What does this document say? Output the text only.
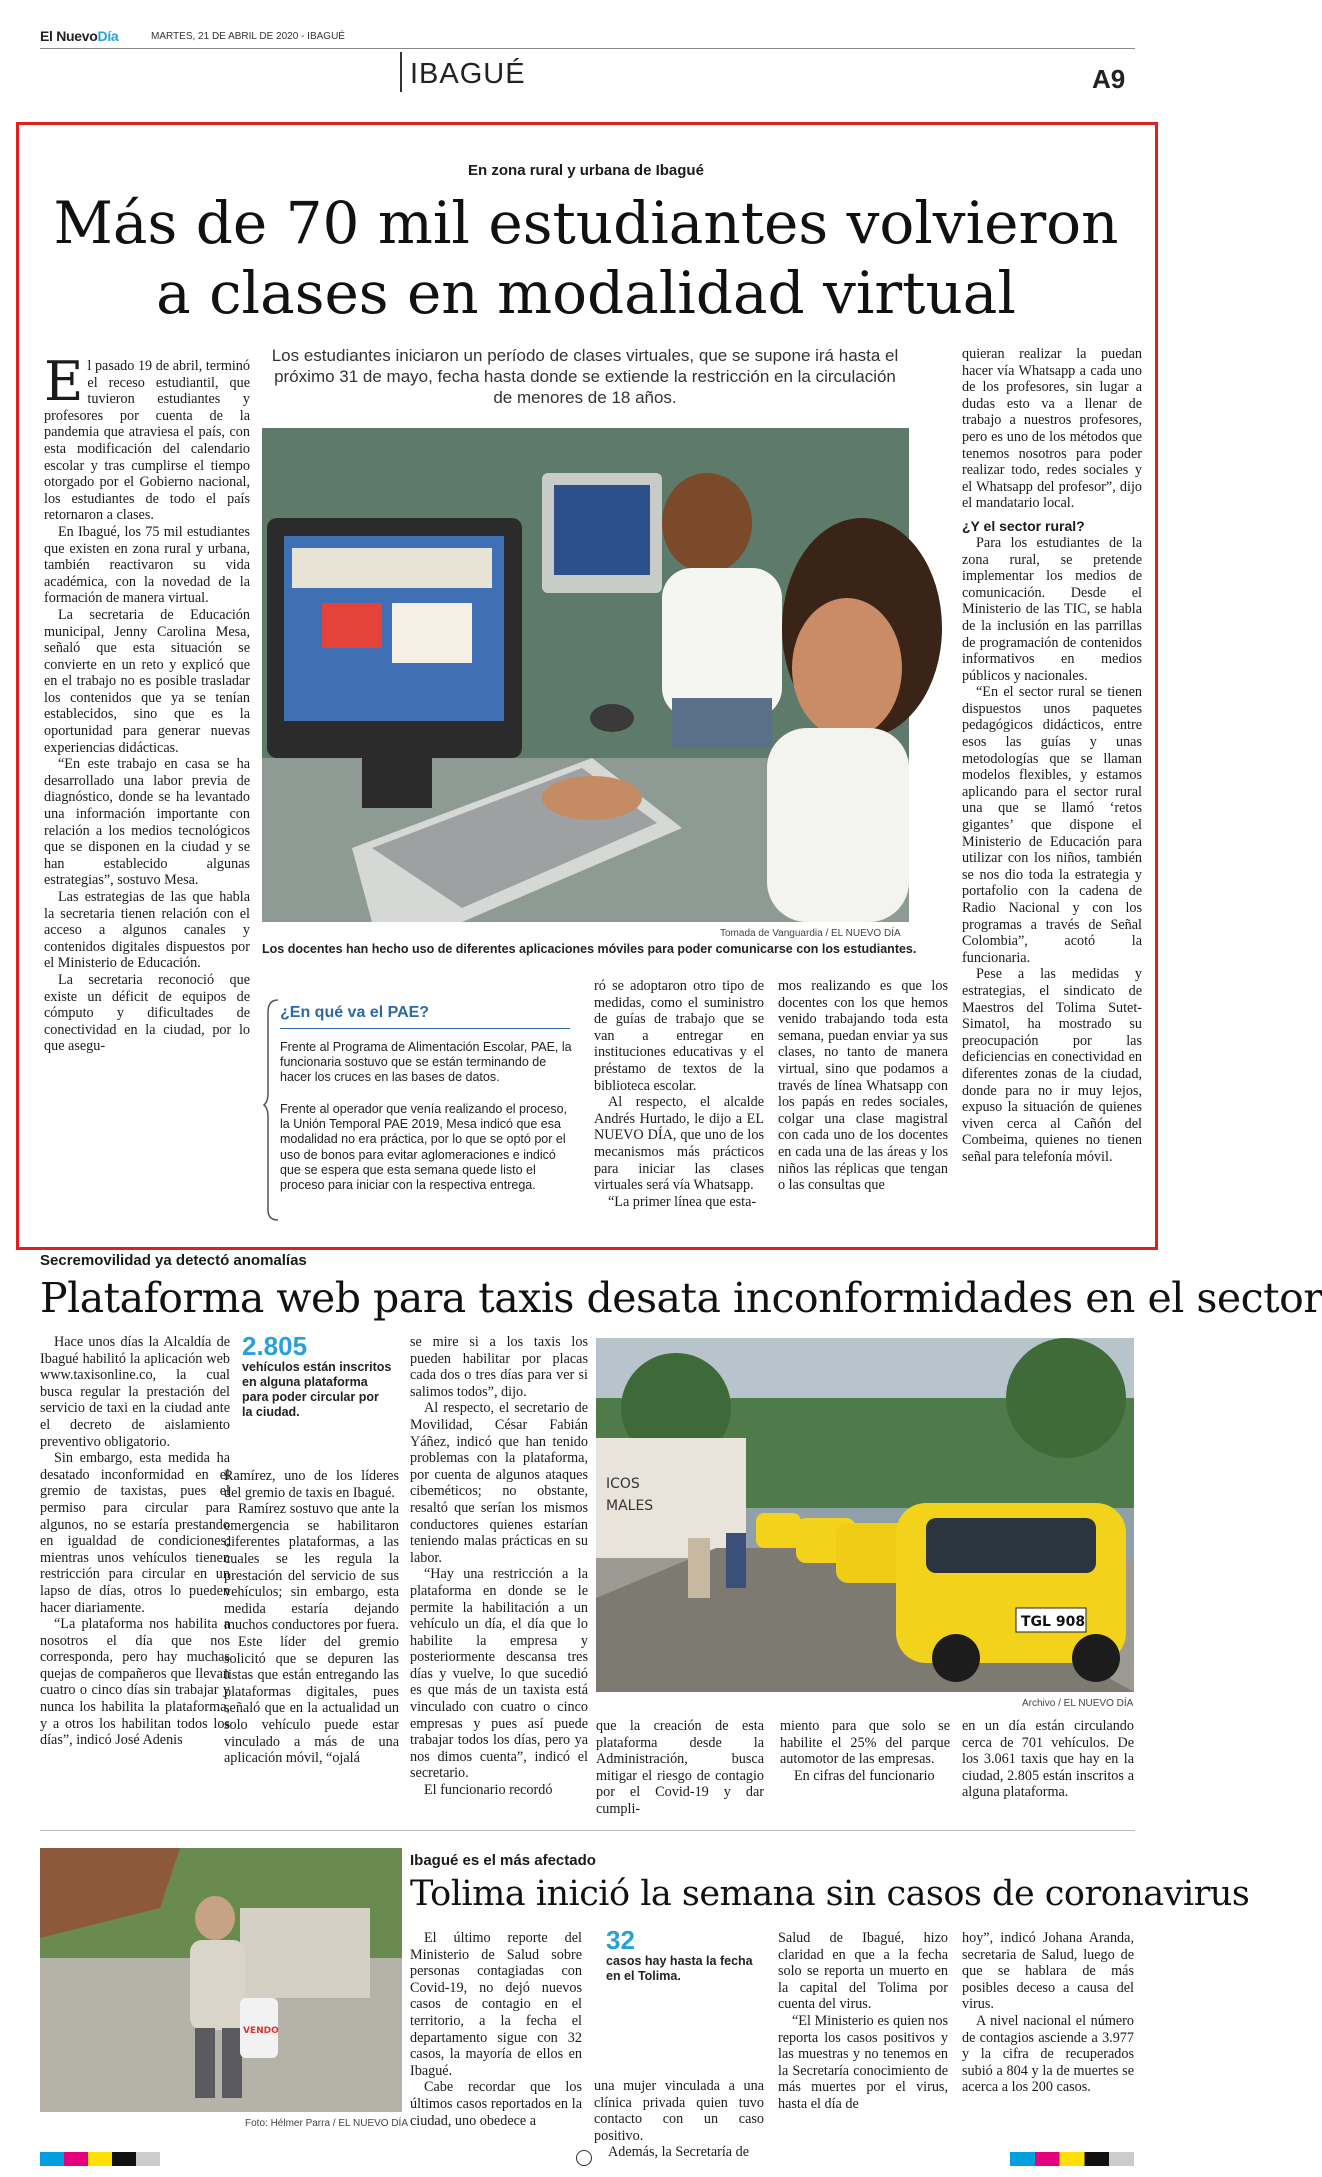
El NuevoDía	MARTES, 21 DE ABRIL DE 2020 - IBAGUÉ
IBAGUÉ	A9
En zona rural y urbana de Ibagué
Más de 70 mil estudiantes volvieron
a clases en modalidad virtual
Los estudiantes iniciaron un período de clases virtuales, que se supone irá hasta el próximo 31 de mayo, fecha hasta donde se extiende la restricción en la circulación de menores de 18 años.
Tomada de Vanguardia / EL NUEVO DÍA
Los docentes han hecho uso de diferentes aplicaciones móviles para poder comunicarse con los estudiantes.

El pasado 19 de abril, terminó el receso estudiantil, que tuvieron estudiantes y profesores por cuenta de la pandemia que atraviesa el país, con esta modificación del calendario escolar y tras cumplirse el tiempo otorgado por el Gobierno nacional, los estudiantes de todo el país retornaron a clases.

En Ibagué, los 75 mil estudiantes que existen en zona rural y urbana, también reactivaron su vida académica, con la novedad de la formación de manera virtual.

La secretaria de Educación municipal, Jenny Carolina Mesa, señaló que esta situación se convierte en un reto y explicó que en el trabajo no es posible trasladar los contenidos que ya se tenían establecidos, sino que es la oportunidad para generar nuevas experiencias didácticas.

“En este trabajo en casa se ha desarrollado una labor previa de diagnóstico, donde se ha levantado una información importante con relación a los medios tecnológicos que se disponen en la ciudad y se han establecido algunas estrategias”, sostuvo Mesa.

Las estrategias de las que habla la secretaria tienen relación con el acceso a algunos canales y contenidos digitales dispuestos por el Ministerio de Educación.

La secretaria reconoció que existe un déficit de equipos de cómputo y dificultades de conectividad en la ciudad, por lo que asegu-

¿En qué va el PAE?
Frente al Programa de Alimentación Escolar, PAE, la funcionaria sostuvo que se están terminando de hacer los cruces en las bases de datos.
Frente al operador que venía realizando el proceso, la Unión Temporal PAE 2019, Mesa indicó que esa modalidad no era práctica, por lo que se optó por el uso de bonos para evitar aglomeraciones e indicó que se espera que esta semana quede listo el proceso para iniciar con la respectiva entrega.

ró se adoptaron otro tipo de medidas, como el suministro de guías de trabajo que se van a entregar en instituciones educativas y el préstamo de textos de la biblioteca escolar.

Al respecto, el alcalde Andrés Hurtado, le dijo a EL NUEVO DÍA, que uno de los mecanismos más prácticos para iniciar las clases virtuales será vía Whatsapp.

“La primer línea que esta-

mos realizando es que los docentes con los que hemos venido trabajando toda esta semana, puedan enviar ya sus clases, no tanto de manera virtual, sino que podamos a través de línea Whatsapp con los papás en redes sociales, colgar una clase magistral con cada uno de los docentes en cada una de las áreas y los niños las réplicas que tengan o las consultas que

quieran realizar la puedan hacer vía Whatsapp a cada uno de los profesores, sin lugar a dudas esto va a llenar de trabajo a nuestros profesores, pero es uno de los métodos que tenemos nosotros para poder realizar todo, redes sociales y el Whatsapp del profesor”, dijo el mandatario local.

¿Y el sector rural?

Para los estudiantes de la zona rural, se pretende implementar los medios de comunicación. Desde el Ministerio de las TIC, se habla de la inclusión en las parrillas de programación de contenidos informativos en medios públicos y nacionales.

“En el sector rural se tienen dispuestos unos paquetes pedagógicos didácticos, entre esos las guías y unas metodologías que se llaman modelos flexibles, y estamos aplicando para el sector rural una que se llamó ‘retos gigantes’ que dispone el Ministerio de Educación para utilizar con los niños, también se nos dio toda la estrategia y portafolio con la cadena de Radio Nacional y con los programas a través de Señal Colombia”, acotó la funcionaria.

Pese a las medidas y estrategias, el sindicato de Maestros del Tolima Sutet-Simatol, ha mostrado su preocupación por las deficiencias en conectividad en diferentes zonas de la ciudad, donde para no ir muy lejos, expuso la situación de quienes viven cerca al Cañón del Combeima, quienes no tienen señal para telefonía móvil.

Secremovilidad ya detectó anomalías
Plataforma web para taxis desata inconformidades en el sector

Hace unos días la Alcaldía de Ibagué habilitó la aplicación web www.taxisonline.co, la cual busca regular la prestación del servicio de taxi en la ciudad ante el decreto de aislamiento preventivo obligatorio.

Sin embargo, esta medida ha desatado inconformidad en el gremio de taxistas, pues el permiso para circular para algunos, no se estaría prestando en igualdad de condiciones; mientras unos vehículos tienen restricción para circular en un lapso de días, otros lo pueden hacer diariamente.

“La plataforma nos habilita a nosotros el día que nos corresponda, pero hay muchas quejas de compañeros que llevan cuatro o cinco días sin trabajar y nunca los habilita la plataforma, y a otros los habilitan todos los días”, indicó José Adenis

2.805
vehículos están inscritos en alguna plataforma para poder circular por la ciudad.

Ramírez, uno de los líderes del gremio de taxis en Ibagué.

Ramírez sostuvo que ante la emergencia se habilitaron diferentes plataformas, a las cuales se les regula la prestación del servicio de sus vehículos; sin embargo, esta medida estaría dejando muchos conductores por fuera.

Este líder del gremio solicitó que se depuren las listas que están entregando las plataformas digitales, pues señaló que en la actualidad un solo vehículo puede estar vinculado a más de una aplicación móvil, “ojalá

se mire si a los taxis los pueden habilitar por placas cada dos o tres días para ver si salimos todos”, dijo.

Al respecto, el secretario de Movilidad, César Fabián Yáñez, indicó que han tenido problemas con la plataforma, por cuenta de algunos ataques cibeméticos; no obstante, resaltó que serían los mismos conductores quienes estarían teniendo malas prácticas en su labor.

“Hay una restricción a la plataforma en donde se le permite la habilitación a un vehículo un día, el día que lo habilite la empresa y posteriormente descansa tres días y vuelve, lo que sucedió es que más de un taxista está vinculado con cuatro o cinco empresas y pues así puede trabajar todos los días, pero ya nos dimos cuenta”, indicó el secretario.

El funcionario recordó

ICOS
MALES
TGL 908
Archivo / EL NUEVO DÍA

que la creación de esta plataforma desde la Administración, busca mitigar el riesgo de contagio por el Covid-19 y dar cumpli-

miento para que solo se habilite el 25% del parque automotor de las empresas.

En cifras del funcionario

en un día están circulando cerca de 701 vehículos. De los 3.061 taxis que hay en la ciudad, 2.805 están inscritos a alguna plataforma.

VENDO
Foto: Hélmer Parra / EL NUEVO DÍA
Ibagué es el más afectado
Tolima inició la semana sin casos de coronavirus

El último reporte del Ministerio de Salud sobre personas contagiadas con Covid-19, no dejó nuevos casos de contagio en el territorio, a la fecha el departamento sigue con 32 casos, la mayoría de ellos en Ibagué.

Cabe recordar que los últimos casos reportados en la ciudad, uno obedece a

32
casos hay hasta la fecha en el Tolima.

una mujer vinculada a una clínica privada quien tuvo contacto con un caso positivo.

Además, la Secretaría de

Salud de Ibagué, hizo claridad en que a la fecha solo se reporta un muerto en la capital del Tolima por cuenta del virus.

“El Ministerio es quien nos reporta los casos positivos y las muestras y no tenemos en la Secretaría conocimiento de más muertes por el virus, hasta el día de

hoy”, indicó Johana Aranda, secretaria de Salud, luego de que se hablara de más posibles deceso a causa del virus.

A nivel nacional el número de contagios asciende a 3.977 y la cifra de recuperados subió a 804 y la de muertes se acerca a los 200 casos.
